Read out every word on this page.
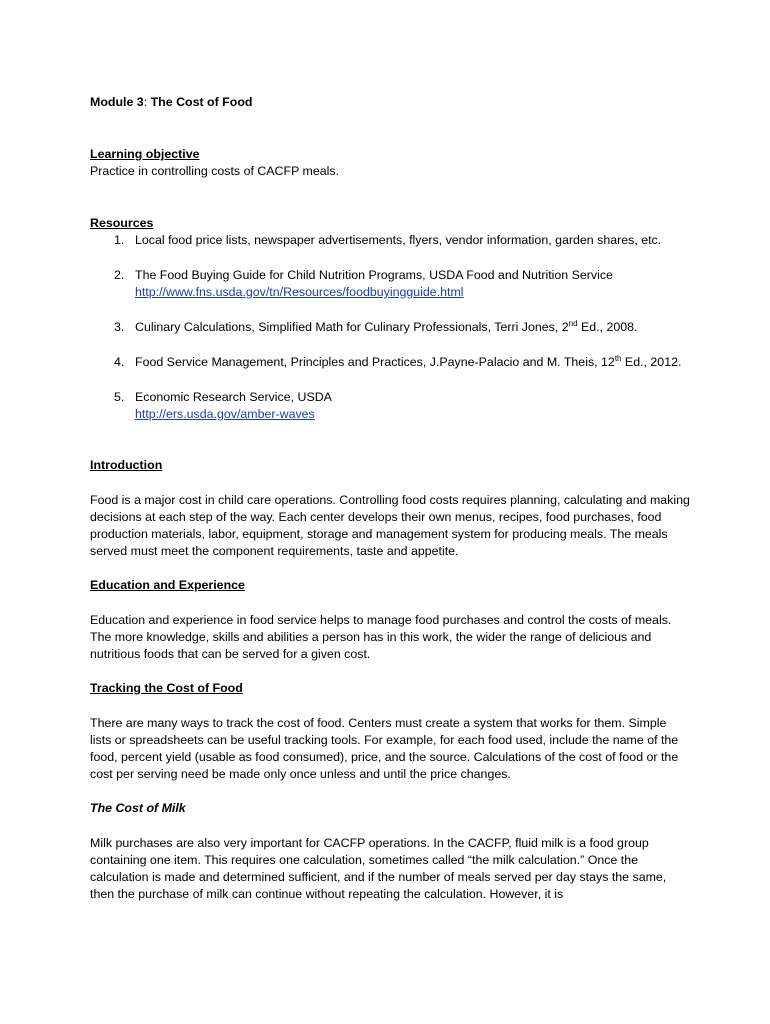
Module 3: The Cost of Food

Learning objective

Practice in controlling costs of CACFP meals.

Resources

1. Local food price lists, newspaper advertisements, flyers, vendor information, garden shares, etc.
2. The Food Buying Guide for Child Nutrition Programs, USDA Food and Nutrition Service
http://www.fns.usda.gov/tn/Resources/foodbuyingguide.html
3. Culinary Calculations, Simplified Math for Culinary Professionals, Terri Jones, 2nd Ed., 2008.
4. Food Service Management, Principles and Practices, J.Payne-Palacio and M. Theis, 12th Ed., 2012.
5. Economic Research Service, USDA
http://ers.usda.gov/amber-waves

Introduction

Food is a major cost in child care operations. Controlling food costs requires planning, calculating and making decisions at each step of the way. Each center develops their own menus, recipes, food purchases, food production materials, labor, equipment, storage and management system for producing meals. The meals served must meet the component requirements, taste and appetite.

Education and Experience

Education and experience in food service helps to manage food purchases and control the costs of meals. The more knowledge, skills and abilities a person has in this work, the wider the range of delicious and nutritious foods that can be served for a given cost.

Tracking the Cost of Food

There are many ways to track the cost of food. Centers must create a system that works for them. Simple lists or spreadsheets can be useful tracking tools. For example, for each food used, include the name of the food, percent yield (usable as food consumed), price, and the source. Calculations of the cost of food or the cost per serving need be made only once unless and until the price changes.

The Cost of Milk

Milk purchases are also very important for CACFP operations. In the CACFP, fluid milk is a food group containing one item. This requires one calculation, sometimes called “the milk calculation.” Once the calculation is made and determined sufficient, and if the number of meals served per day stays the same, then the purchase of milk can continue without repeating the calculation. However, it is
